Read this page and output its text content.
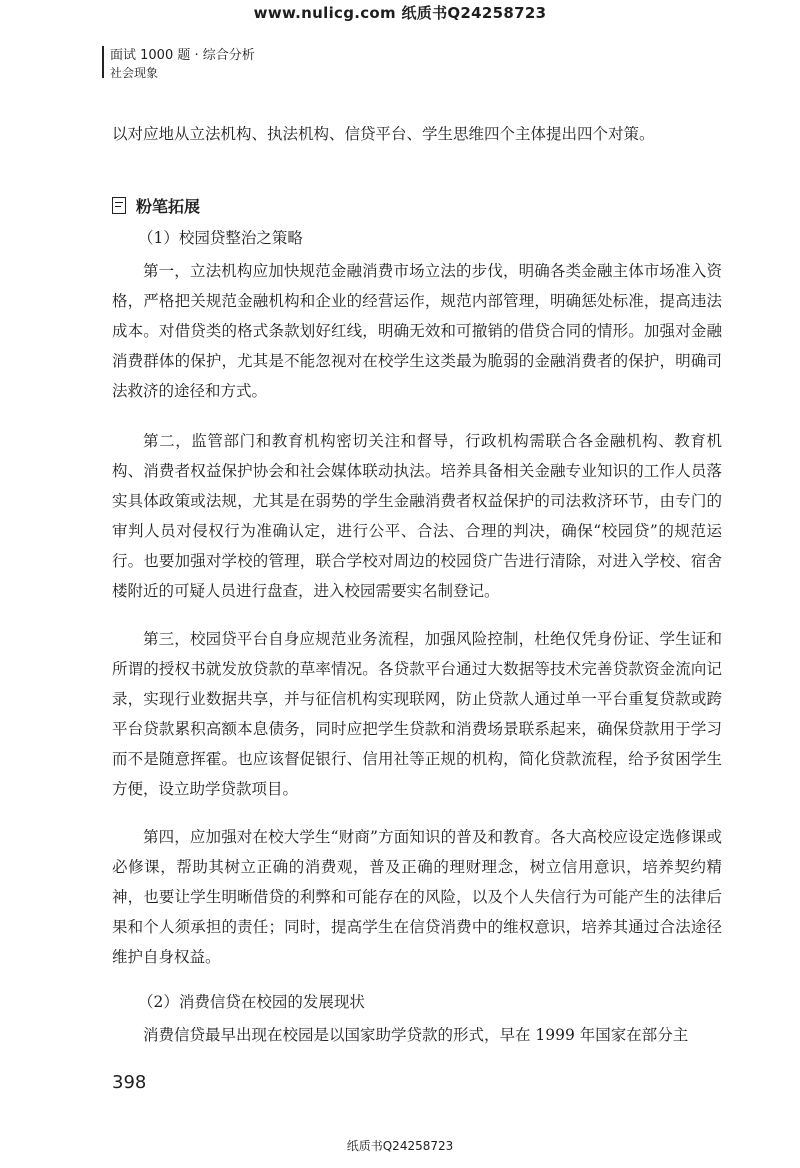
www.nulicg.com 纸质书Q24258723
面试 1000 题 · 综合分析
社会现象

以对应地从立法机构、执法机构、信贷平台、学生思维四个主体提出四个对策。

粉笔拓展
（1）校园贷整治之策略

第一，立法机构应加快规范金融消费市场立法的步伐，明确各类金融主体市场准入资格，严格把关规范金融机构和企业的经营运作，规范内部管理，明确惩处标准，提高违法成本。对借贷类的格式条款划好红线，明确无效和可撤销的借贷合同的情形。加强对金融消费群体的保护，尤其是不能忽视对在校学生这类最为脆弱的金融消费者的保护，明确司法救济的途径和方式。

第二，监管部门和教育机构密切关注和督导，行政机构需联合各金融机构、教育机构、消费者权益保护协会和社会媒体联动执法。培养具备相关金融专业知识的工作人员落实具体政策或法规，尤其是在弱势的学生金融消费者权益保护的司法救济环节，由专门的审判人员对侵权行为准确认定，进行公平、合法、合理的判决，确保“校园贷”的规范运行。也要加强对学校的管理，联合学校对周边的校园贷广告进行清除，对进入学校、宿舍楼附近的可疑人员进行盘查，进入校园需要实名制登记。

第三，校园贷平台自身应规范业务流程，加强风险控制，杜绝仅凭身份证、学生证和所谓的授权书就发放贷款的草率情况。各贷款平台通过大数据等技术完善贷款资金流向记录，实现行业数据共享，并与征信机构实现联网，防止贷款人通过单一平台重复贷款或跨平台贷款累积高额本息债务，同时应把学生贷款和消费场景联系起来，确保贷款用于学习而不是随意挥霍。也应该督促银行、信用社等正规的机构，简化贷款流程，给予贫困学生方便，设立助学贷款项目。

第四，应加强对在校大学生“财商”方面知识的普及和教育。各大高校应设定选修课或必修课，帮助其树立正确的消费观，普及正确的理财理念，树立信用意识，培养契约精神，也要让学生明晰借贷的利弊和可能存在的风险，以及个人失信行为可能产生的法律后果和个人须承担的责任；同时，提高学生在信贷消费中的维权意识，培养其通过合法途径维护自身权益。

（2）消费信贷在校园的发展现状

消费信贷最早出现在校园是以国家助学贷款的形式，早在 1999 年国家在部分主

398
纸质书Q24258723
